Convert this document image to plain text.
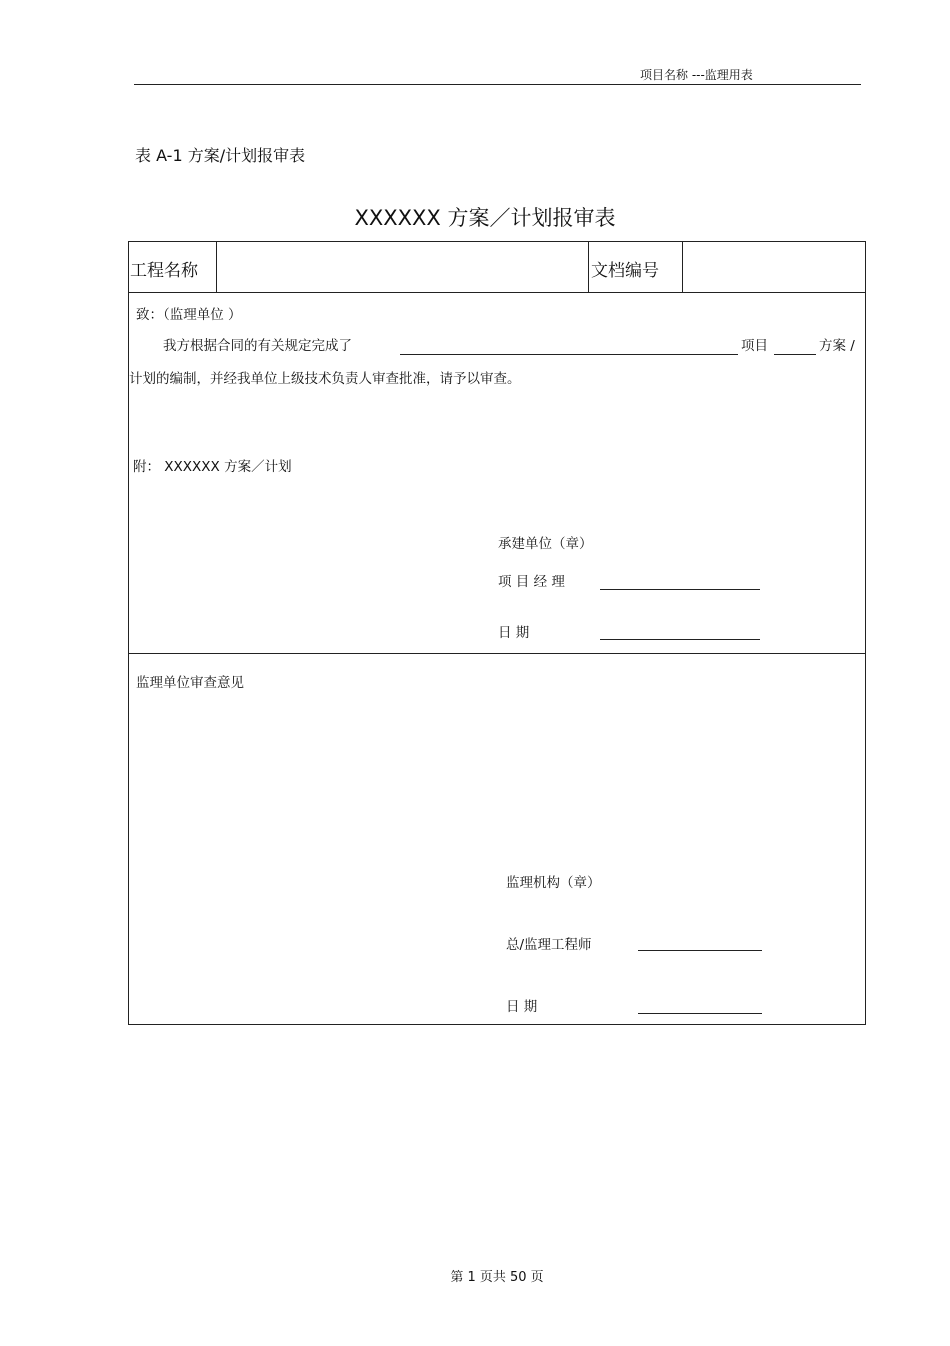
项目名称 ---监理用表
表 A-1 方案/计划报审表
XXXXXX 方案／计划报审表
工程名称	文档编号
致：（监理单位 ）
我方根据合同的有关规定完成了	项目	方案 /
计划的编制，并经我单位上级技术负责人审查批准，请予以审查。
附： XXXXXX 方案／计划
承建单位（章）
项 目 经 理
日 期
监理单位审查意见
监理机构（章）
总/监理工程师
日 期
第 1 页共 50 页
